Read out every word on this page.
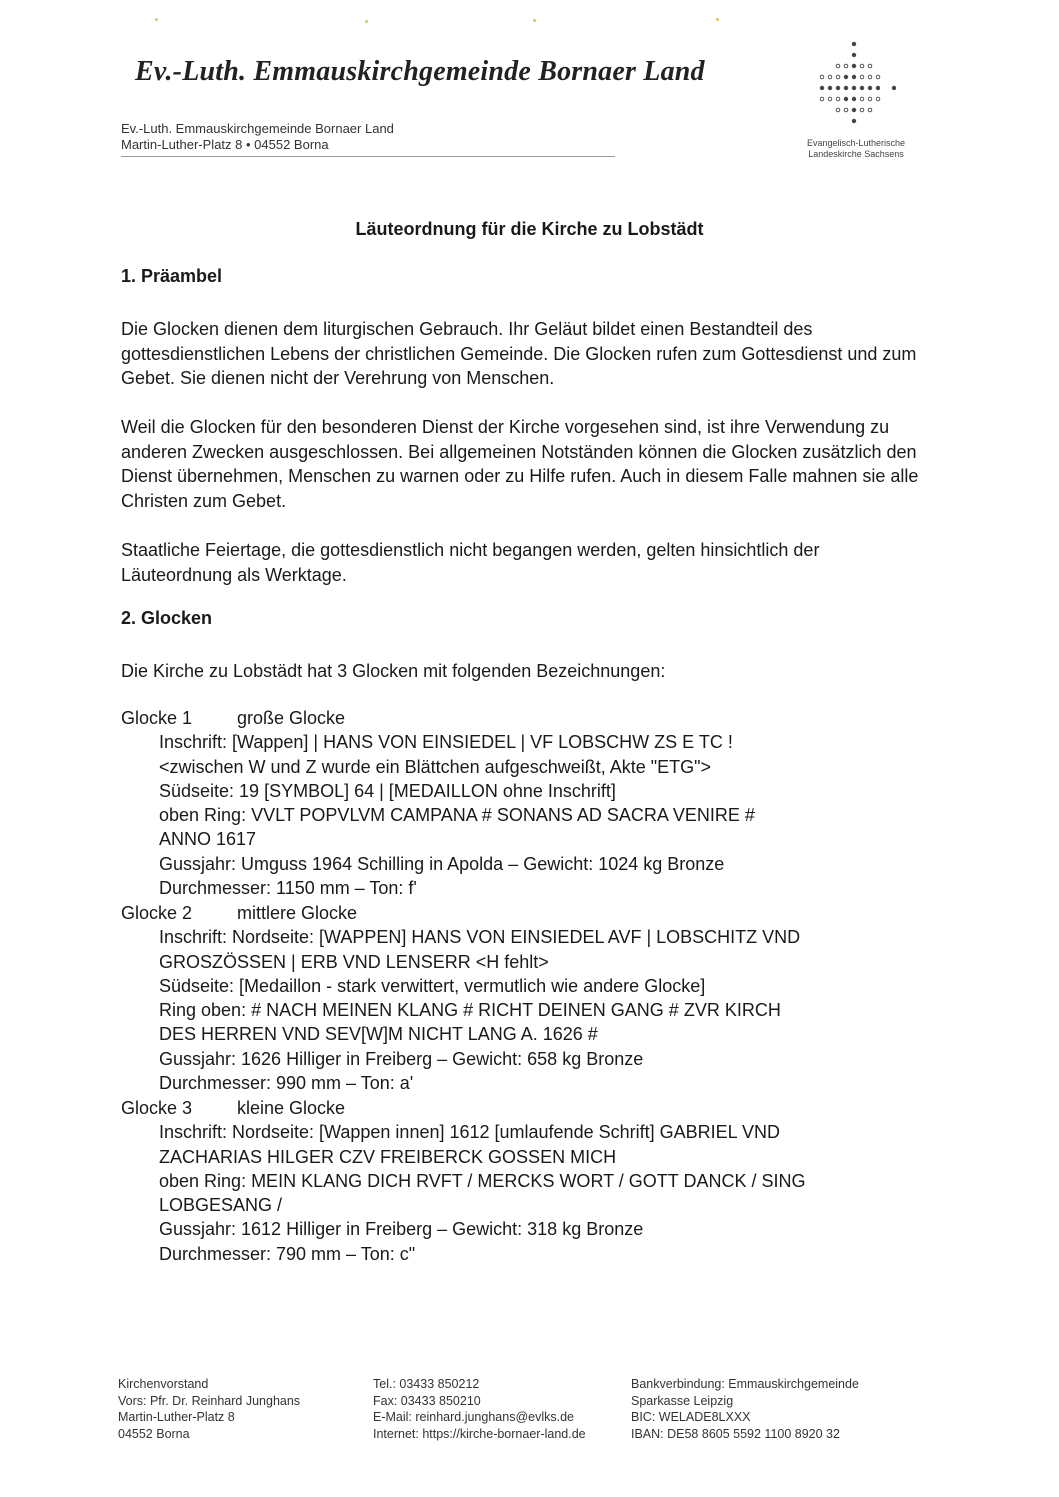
Ev.-Luth. Emmauskirchgemeinde Bornaer Land
Ev.-Luth. Emmauskirchgemeinde Bornaer Land
Martin-Luther-Platz 8 • 04552 Borna	Evangelisch-Lutherische
Landeskirche Sachsens
Läuteordnung für die Kirche zu Lobstädt
1. Präambel
Die Glocken dienen dem liturgischen Gebrauch. Ihr Geläut bildet einen Bestandteil des gottesdienstlichen Lebens der christlichen Gemeinde. Die Glocken rufen zum Gottesdienst und zum Gebet. Sie dienen nicht der Verehrung von Menschen.
Weil die Glocken für den besonderen Dienst der Kirche vorgesehen sind, ist ihre Verwendung zu anderen Zwecken ausgeschlossen. Bei allgemeinen Notständen können die Glocken zusätzlich den Dienst übernehmen, Menschen zu warnen oder zu Hilfe rufen. Auch in diesem Falle mahnen sie alle Christen zum Gebet.
Staatliche Feiertage, die gottesdienstlich nicht begangen werden, gelten hinsichtlich der Läuteordnung als Werktage.
2. Glocken
Die Kirche zu Lobstädt hat 3 Glocken mit folgenden Bezeichnungen:
Glocke 1 große Glocke
Inschrift: [Wappen] | HANS VON EINSIEDEL | VF LOBSCHW ZS E TC !
<zwischen W und Z wurde ein Blättchen aufgeschweißt, Akte "ETG">
Südseite: 19 [SYMBOL] 64 | [MEDAILLON ohne Inschrift]
oben Ring: VVLT POPVLVM CAMPANA # SONANS AD SACRA VENIRE #
ANNO 1617
Gussjahr: Umguss 1964 Schilling in Apolda – Gewicht: 1024 kg Bronze
Durchmesser: 1150 mm – Ton: f'
Glocke 2 mittlere Glocke
Inschrift: Nordseite: [WAPPEN] HANS VON EINSIEDEL AVF | LOBSCHITZ VND
GROSZÖSSEN | ERB VND LENSERR <H fehlt>
Südseite: [Medaillon - stark verwittert, vermutlich wie andere Glocke]
Ring oben: # NACH MEINEN KLANG # RICHT DEINEN GANG # ZVR KIRCH
DES HERREN VND SEV[W]M NICHT LANG A. 1626 #
Gussjahr: 1626 Hilliger in Freiberg – Gewicht: 658 kg Bronze
Durchmesser: 990 mm – Ton: a'
Glocke 3 kleine Glocke
Inschrift: Nordseite: [Wappen innen] 1612 [umlaufende Schrift] GABRIEL VND
ZACHARIAS HILGER CZV FREIBERCK GOSSEN MICH
oben Ring: MEIN KLANG DICH RVFT / MERCKS WORT / GOTT DANCK / SING
LOBGESANG /
Gussjahr: 1612 Hilliger in Freiberg – Gewicht: 318 kg Bronze
Durchmesser: 790 mm – Ton: c"
Kirchenvorstand
Vors: Pfr. Dr. Reinhard Junghans
Martin-Luther-Platz 8
04552 Borna
Tel.: 03433 850212
Fax: 03433 850210
E-Mail: reinhard.junghans@evlks.de
Internet: https://kirche-bornaer-land.de
Bankverbindung: Emmauskirchgemeinde
Sparkasse Leipzig
BIC: WELADE8LXXX
IBAN: DE58 8605 5592 1100 8920 32
